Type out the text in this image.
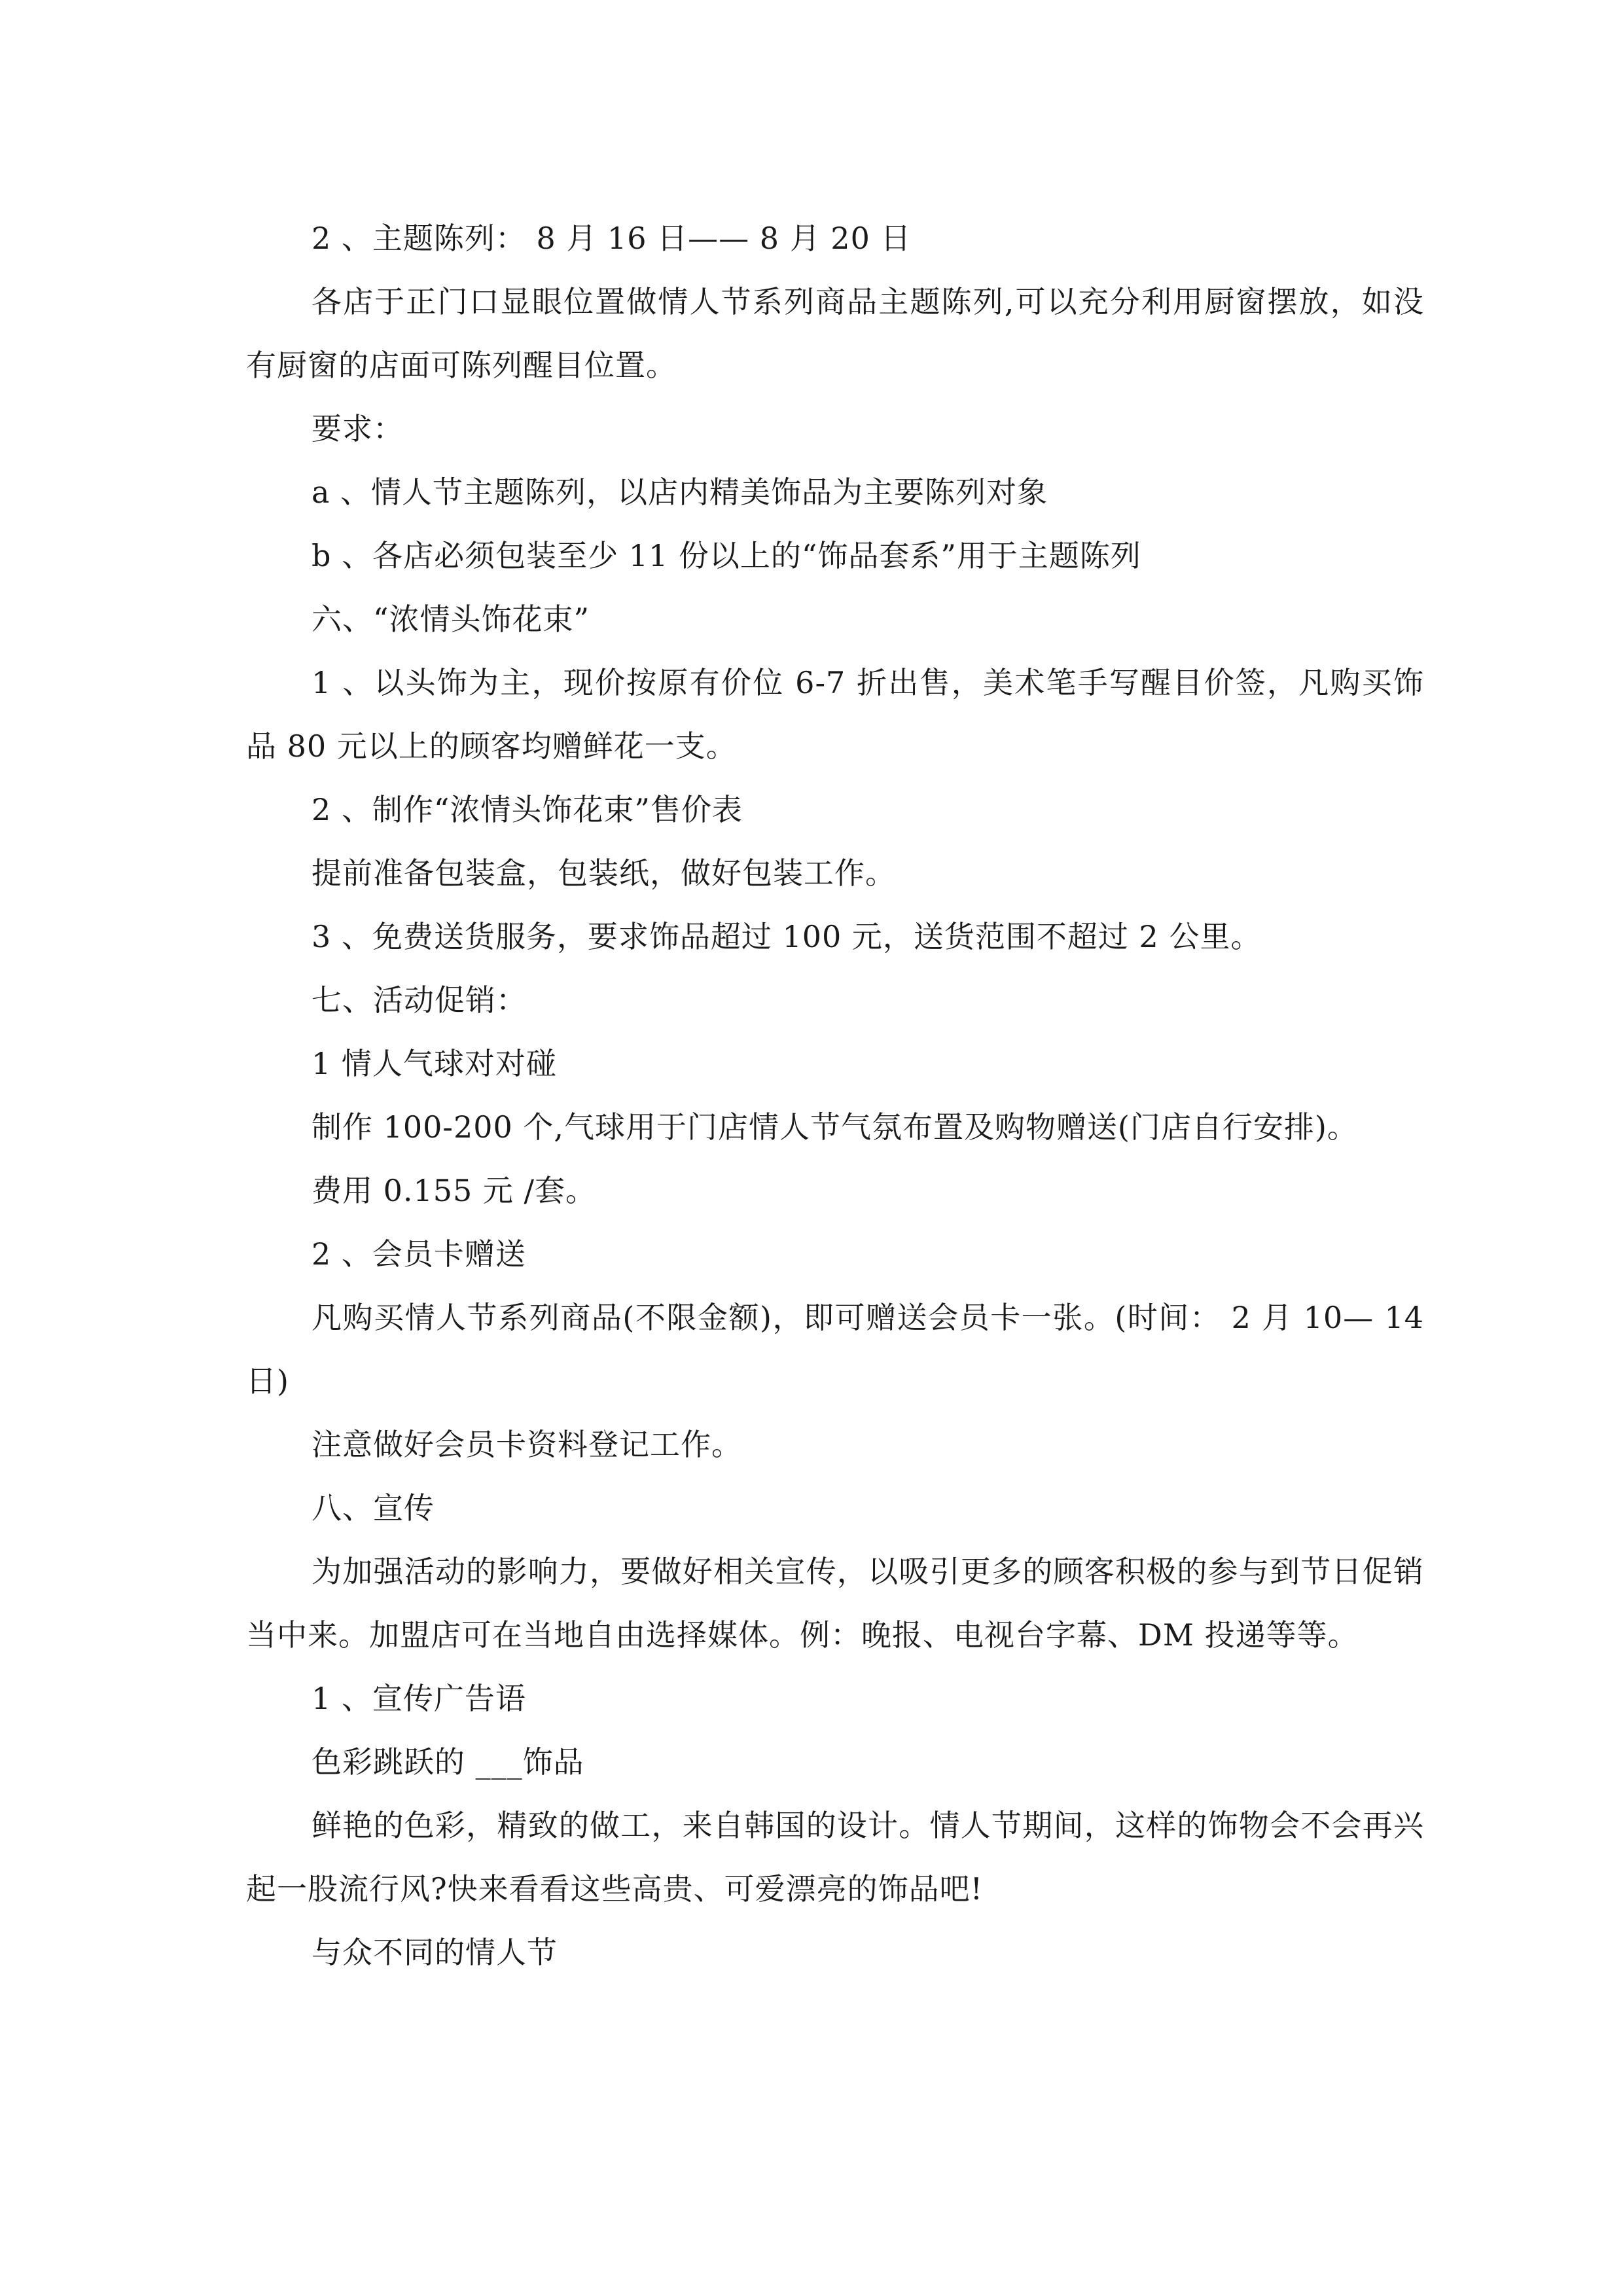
2 、主题陈列： 8 月 16 日—— 8 月 20 日

各店于正门口显眼位置做情人节系列商品主题陈列,可以充分利用厨窗摆放，如没有厨窗的店面可陈列醒目位置。

要求：

a 、情人节主题陈列，以店内精美饰品为主要陈列对象

b 、各店必须包装至少 11 份以上的“饰品套系”用于主题陈列

六、“浓情头饰花束”

1 、以头饰为主，现价按原有价位 6-7 折出售，美术笔手写醒目价签，凡购买饰品 80 元以上的顾客均赠鲜花一支。

2 、制作“浓情头饰花束”售价表

提前准备包装盒，包装纸，做好包装工作。

3 、免费送货服务，要求饰品超过 100 元，送货范围不超过 2 公里。

七、活动促销：

1 情人气球对对碰

制作 100-200 个,气球用于门店情人节气氛布置及购物赠送(门店自行安排)。

费用 0.155 元 /套。

2 、会员卡赠送

凡购买情人节系列商品(不限金额)，即可赠送会员卡一张。(时间： 2 月 10— 14 日)

注意做好会员卡资料登记工作。

八、宣传

为加强活动的影响力，要做好相关宣传，以吸引更多的顾客积极的参与到节日促销当中来。加盟店可在当地自由选择媒体。例：晚报、电视台字幕、DM 投递等等。

1 、宣传广告语

色彩跳跃的 ___饰品

鲜艳的色彩，精致的做工，来自韩国的设计。情人节期间，这样的饰物会不会再兴起一股流行风?快来看看这些高贵、可爱漂亮的饰品吧!

与众不同的情人节
